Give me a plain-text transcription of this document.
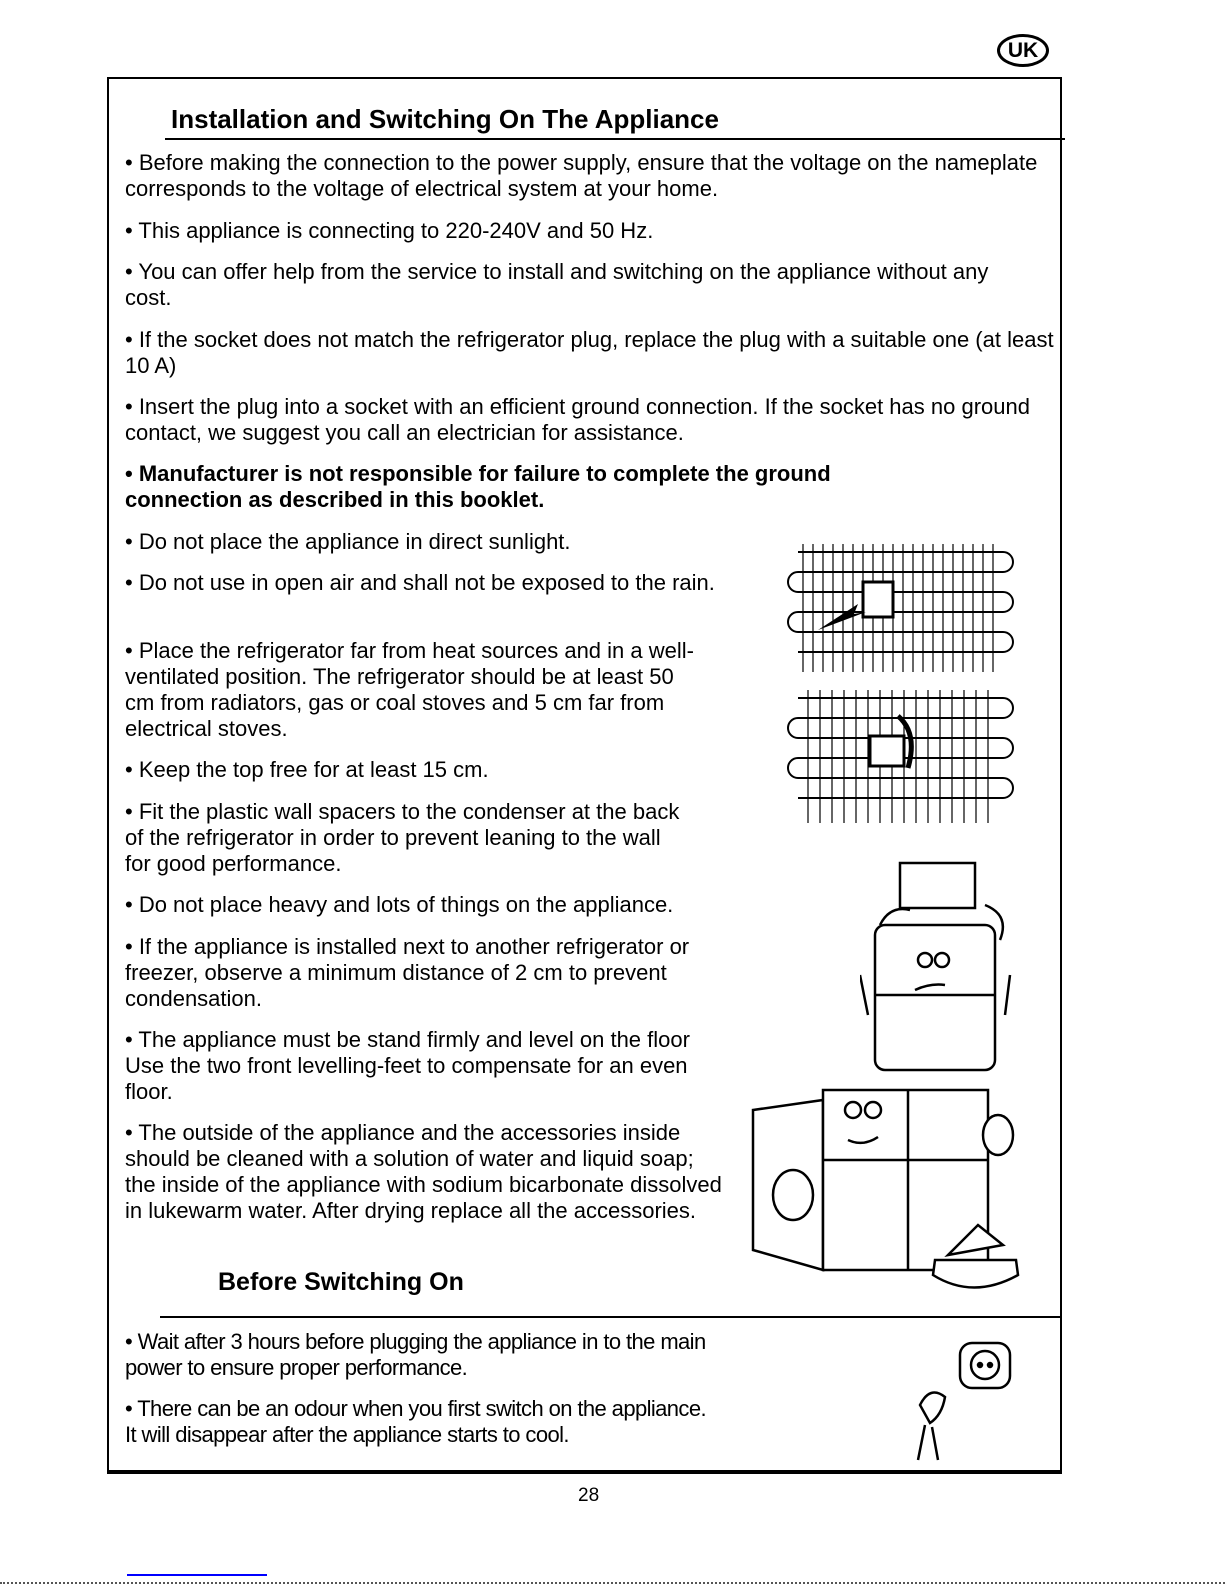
UK
Installation and Switching On The Appliance
• Before making the connection to the power supply, ensure that the voltage on the nameplate corresponds to the voltage of electrical system at your home.
• This appliance is connecting to 220-240V and 50 Hz.
• You can offer help from the service to install and switching on the appliance without any cost.
• If the socket does not match the refrigerator plug, replace the plug with a suitable one (at least 10 A)
• Insert the plug into a socket with an efficient ground connection. If the socket has no ground contact, we suggest you call an electrician for assistance.
• Manufacturer is not responsible for failure to complete the ground connection as described in this booklet.
• Do not place the appliance in direct sunlight.
• Do not use in open air and shall not be exposed to the rain.
• Place the refrigerator far from heat sources and in a well-ventilated position. The refrigerator should be at least 50 cm from radiators, gas or coal stoves and 5 cm far from electrical stoves.
• Keep the top free for at least 15 cm.
• Fit the plastic wall spacers to the condenser at the back of the refrigerator in order to prevent leaning to the wall for good performance.
• Do not place heavy and lots of things on the appliance.
• If the appliance is installed next to another refrigerator or freezer, observe a minimum distance of 2 cm to prevent condensation.
• The appliance must be stand firmly and level on the floor Use the two front levelling-feet to compensate for an even floor.
• The outside of the appliance and the accessories inside should be cleaned with a solution of water and liquid soap; the inside of the appliance with sodium bicarbonate dissolved in lukewarm water. After drying replace all the accessories.
Before Switching On
• Wait after 3 hours before plugging the appliance in to the main power to ensure proper performance.
• There can be an odour when you first switch on the appliance. It will disappear after the appliance starts to cool.
28
